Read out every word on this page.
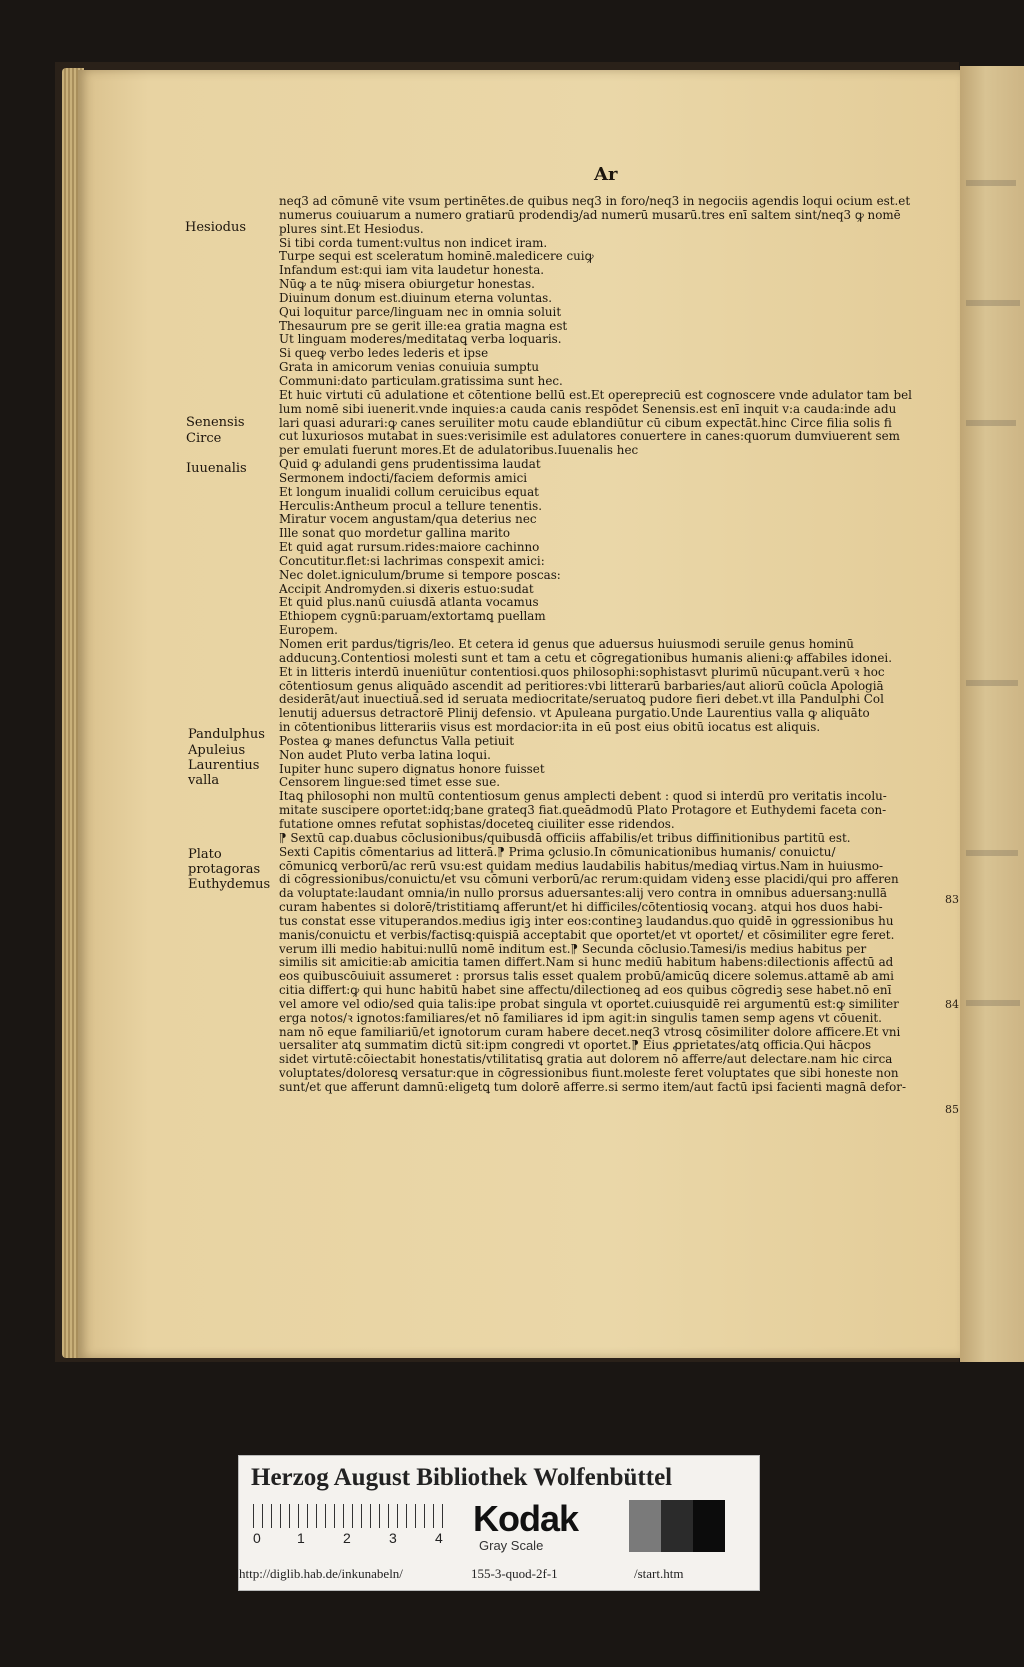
Ar
Hesiodus
Senensis
Circe
Iuuenalis
Pandulphus
Apuleius
Laurentius
valla
Plato
protagoras
Euthydemus
83
84
85
neq3 ad cōmunē vite vsum pertinētes.de quibus neq3 in foro/neq3 in negociis agendis loqui ocium est.et
numerus couiuarum a numero gratiarū prodendiꝫ/ad numerū musarū.tres enī saltem sint/neq3 ꝙ nomē
plures sint.Et Hesiodus.
Si tibi corda tument:vultus non indicet iram.
Turpe sequi est sceleratum hominē.maledicere cuiꝙ
Infandum est:qui iam vita laudetur honesta.
Nūꝙ a te nūꝙ misera obiurgetur honestas.
Diuinum donum est.diuinum eterna voluntas.
Qui loquitur parce/linguam nec in omnia soluit
Thesaurum pre se gerit ille:ea gratia magna est
Ut linguam moderes/meditataꝗ verba loquaris.
Si queꝙ verbo ledes lederis et ipse
Grata in amicorum venias conuiuia sumptu
Communi:dato particulam.gratissima sunt hec.
Et huic virtuti cū adulatione et cōtentione bellū est.Et operepreciū est cognoscere vnde adulator tam bel
lum nomē sibi iuenerit.vnde inquies:a cauda canis respōdet Senensis.est enī inquit v:a cauda:inde adu
lari quasi adurari:ꝙ canes seruiliter motu caude eblandiūtur cū cibum expectāt.hinc Circe filia solis fi
cut luxuriosos mutabat in sues:verisimile est adulatores conuertere in canes:quorum dumviuerent sem
per emulati fuerunt mores.Et de adulatoribus.Iuuenalis hec
Quid ꝙ adulandi gens prudentissima laudat
Sermonem indocti/faciem deformis amici
Et longum inualidi collum ceruicibus equat
Herculis:Antheum procul a tellure tenentis.
Miratur vocem angustam/qua deterius nec
Ille sonat quo mordetur gallina marito
Et quid agat rursum.rides:maiore cachinno
Concutitur.flet:si lachrimas conspexit amici:
Nec dolet.igniculum/brume si tempore poscas:
Accipit Andromyden.si dixeris estuo:sudat
Et quid plus.nanū cuiusdā atlanta vocamus
Ethiopem cygnū:paruam/extortamꝗ puellam
Europem.
Nomen erit pardus/tigris/leo. Et cetera id genus que aduersus huiusmodi seruile genus hominū
adducunꝫ.Contentiosi molesti sunt et tam a cetu et cōgregationibus humanis alieni:ꝙ affabiles idonei.
Et in litteris interdū inueniūtur contentiosi.quos philosophi:sophistasvt plurimū nūcupant.verū ꝛ hoc
cōtentiosum genus aliquādo ascendit ad peritiores:vbi litterarū barbaries/aut aliorū coūcla Apologiā
desiderāt/aut inuectiuā.sed id seruata mediocritate/seruatoꝗ pudore fieri debet.vt illa Pandulphi Col
lenutij aduersus detractorē Plinij defensio. vt Apuleana purgatio.Unde Laurentius valla ꝙ aliquāto
in cōtentionibus litterariis visus est mordacior:ita in eū post eius obitū iocatus est aliquis.
Postea ꝙ manes defunctus Valla petiuit
Non audet Pluto verba latina loqui.
Iupiter hunc supero dignatus honore fuisset
Censorem lingue:sed timet esse sue.
Itaꝗ philosophi non multū contentiosum genus amplecti debent : quod si interdū pro veritatis incolu-
mitate suscipere oportet:idq;bane grateq3 fiat.queādmodū Plato Protagore et Euthydemi faceta con-
futatione omnes refutat sophistas/doceteꝗ ciuiliter esse ridendos.
⁋ Sextū cap.duabus cōclusionibus/quibusdā officiis affabilis/et tribus diffinitionibus partitū est.
Sexti Capitis cōmentarius ad litterā.⁋ Prima ꝯclusio.In cōmunicationibus humanis/ conuictu/
cōmunicꝗ verborū/ac rerū vsu:est quidam medius laudabilis habitus/mediaꝗ virtus.Nam in huiusmo-
di cōgressionibus/conuictu/et vsu cōmuni verborū/ac rerum:quidam videnꝫ esse placidi/qui pro afferen
da voluptate:laudant omnia/in nullo prorsus aduersantes:alij vero contra in omnibus aduersanꝫ:nullā
curam habentes si dolorē/tristitiamꝗ afferunt/et hi difficiles/cōtentiosiꝗ vocanꝫ. atqui hos duos habi-
tus constat esse vituperandos.medius igiꝫ inter eos:contineꝫ laudandus.quo quidē in ꝯgressionibus hu
manis/conuictu et verbis/factisꝗ:quispiā acceptabit que oportet/et vt oportet/ et cōsimiliter egre feret.
verum illi medio habitui:nullū nomē inditum est.⁋ Secunda cōclusio.Tamesi/is medius habitus per
similis sit amicitie:ab amicitia tamen differt.Nam si hunc mediū habitum habens:dilectionis affectū ad
eos quibuscōuiuit assumeret : prorsus talis esset qualem probū/amicūꝗ dicere solemus.attamē ab ami
citia differt:ꝙ qui hunc habitū habet sine affectu/dilectioneꝗ ad eos quibus cōgrediꝫ sese habet.nō enī
vel amore vel odio/sed quia talis:ipe probat singula vt oportet.cuiusquidē rei argumentū est:ꝙ similiter
erga notos/ꝛ ignotos:familiares/et nō familiares id ipm agit:in singulis tamen semp agens vt cōuenit.
nam nō eque familiariū/et ignotorum curam habere decet.neq3 vtrosꝗ cōsimiliter dolore afficere.Et vni
uersaliter atꝗ summatim dictū sit:ipm congredi vt oportet.⁋ Eius ꝓprietates/atꝗ officia.Qui hācpos
sidet virtutē:cōiectabit honestatis/vtilitatisꝗ gratia aut dolorem nō afferre/aut delectare.nam hic circa
voluptates/doloresꝗ versatur:que in cōgressionibus fiunt.moleste feret voluptates que sibi honeste non
sunt/et que afferunt damnū:eligetꝗ tum dolorē afferre.si sermo item/aut factū ipsi facienti magnā defor-
Herzog August Bibliothek Wolfenbüttel
0	1	2	3	4 Kodak
Gray Scale
http://diglib.hab.de/inkunabeln/	155-3-quod-2f-1	/start.htm
